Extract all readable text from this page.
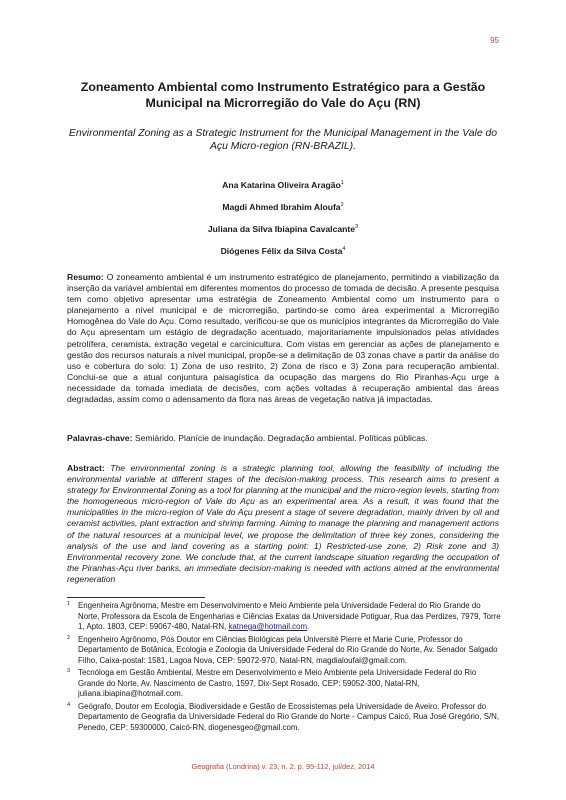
95
Zoneamento Ambiental como Instrumento Estratégico para a Gestão Municipal na Microrregião do Vale do Açu (RN)

Environmental Zoning as a Strategic Instrument for the Municipal Management in the Vale do Açu Micro-region (RN-BRAZIL).

Ana Katarina Oliveira Aragão$^1$
Magdi Ahmed Ibrahim Aloufa$^2$
Juliana da Silva Ibiapina Cavalcante$^3$
Diógenes Félix da Silva Costa$^4$

Resumo: O zoneamento ambiental é um instrumento estratégico de planejamento, permitindo a viabilização da inserção da variável ambiental em diferentes momentos do processo de tomada de decisão. A presente pesquisa tem como objetivo apresentar uma estratégia de Zoneamento Ambiental como um instrumento para o planejamento a nível municipal e de microrregião, partindo-se como área experimental a Microrregião Homogênea do Vale do Açu. Como resultado, verificou-se que os municípios integrantes da Microrregião do Vale do Açu apresentam um estágio de degradação acentuado, majoritariamente impulsionados pelas atividades petrolífera, ceramista, extração vegetal e carcinicultura. Com vistas em gerenciar as ações de planejamento e gestão dos recursos naturais a nível municipal, propõe-se a delimitação de 03 zonas chave a partir da análise do uso e cobertura do solo: 1) Zona de uso restrito, 2) Zona de risco e 3) Zona para recuperação ambiental. Conclui-se que a atual conjuntura paisagística da ocupação das margens do Rio Piranhas-Açu urge a necessidade da tomada imediata de decisões, com ações voltadas à recuperação ambiental das áreas degradadas, assim como o adensamento da flora nas áreas de vegetação nativa já impactadas.

Palavras-chave: Semiárido. Planície de inundação. Degradação ambiental. Políticas públicas.

Abstract: The environmental zoning is a strategic planning tool, allowing the feasibility of including the environmental variable at different stages of the decision-making process. This research aims to present a strategy for Environmental Zoning as a tool for planning at the municipal and the micro-region levels, starting from the homogeneous micro-region of Vale do Açu as an experimental area. As a result, it was found that the municipalities in the micro-region of Vale do Açu present a stage of severe degradation, mainly driven by oil and ceramist activities, plant extraction and shrimp farming. Aiming to manage the planning and management actions of the natural resources at a municipal level, we propose the delimitation of three key zones, considering the analysis of the use and land covering as a starting point: 1) Restricted-use zone, 2) Risk zone and 3) Environmental recovery zone. We conclude that, at the current landscape situation regarding the occupation of the Piranhas-Açu river banks, an immediate decision-making is needed with actions aimed at the environmental regeneration

1 Engenheira Agrônoma, Mestre em Desenvolvimento e Meio Ambiente pela Universidade Federal do Rio Grande do Norte, Professora da Escola de Engenharias e Ciências Exatas da Universidade Potiguar, Rua das Perdizes, 7979, Torre 1, Apto. 1803, CEP: 59067-480, Natal-RN, katnega@hotmail.com.
2 Engenheiro Agrônomo, Pós Doutor em Ciências Biológicas pela Université Pierre et Marie Curie, Professor do Departamento de Botânica, Ecologia e Zoologia da Universidade Federal do Rio Grande do Norte, Av. Senador Salgado Filho, Caixa-postal: 1581, Lagoa Nova, CEP: 59072-970, Natal-RN, magdialoufal@gmail.com.
3 Tecnóloga em Gestão Ambiental, Mestre em Desenvolvimento e Meio Ambiente pela Universidade Federal do Rio Grande do Norte, Av. Nascimento de Castro, 1597, Dix-Sept Rosado, CEP: 59052-300, Natal-RN, juliana.ibiapina@hotmail.com.
4 Geógrafo, Doutor em Ecologia, Biodiversidade e Gestão de Ecossistemas pela Universidade de Aveiro, Professor do Departamento de Geografia da Universidade Federal do Rio Grande do Norte - Campus Caicó, Rua José Gregório, S/N, Penedo, CEP: 59300000, Caicó-RN, diogenesgeo@gmail.com.
Geografia (Londrina) v. 23, n. 2. p. 95-112, jul/dez, 2014
